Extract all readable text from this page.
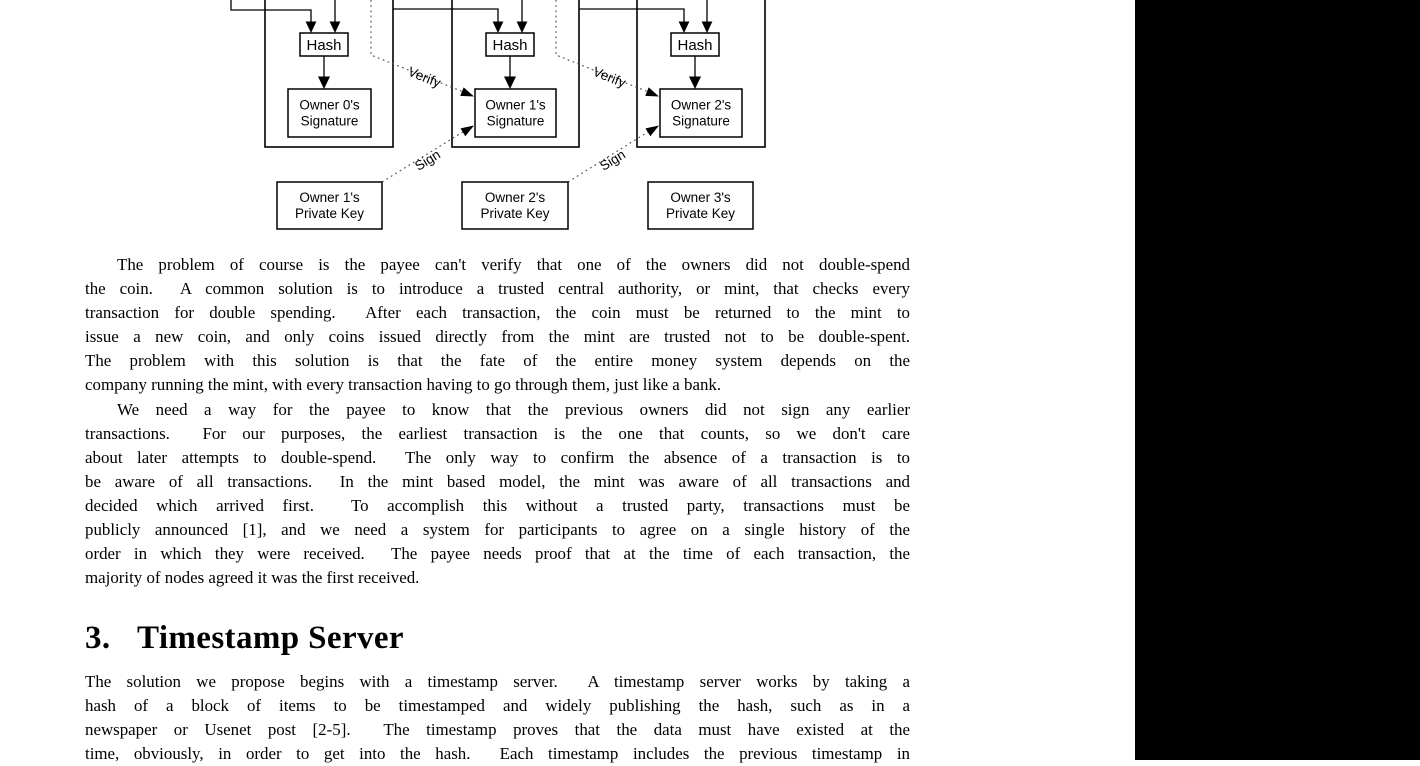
Hash	Hash	Hash
Owner 0's
Signature
Owner 1's
Signature
Owner 2's
Signature
Owner 1's
Private Key
Owner 2's
Private Key
Owner 3's
Private Key
Verify	Verify
Sign	Sign
The problem of course is the payee can't verify that one of the owners did not double-spend
the coin.  A common solution is to introduce a trusted central authority, or mint, that checks every
transaction for double spending.  After each transaction, the coin must be returned to the mint to
issue a new coin, and only coins issued directly from the mint are trusted not to be double-spent.
The problem with this solution is that the fate of the entire money system depends on the
company running the mint, with every transaction having to go through them, just like a bank.
We need a way for the payee to know that the previous owners did not sign any earlier
transactions.  For our purposes, the earliest transaction is the one that counts, so we don't care
about later attempts to double-spend.  The only way to confirm the absence of a transaction is to
be aware of all transactions.  In the mint based model, the mint was aware of all transactions and
decided which arrived first.  To accomplish this without a trusted party, transactions must be
publicly announced [1], and we need a system for participants to agree on a single history of the
order in which they were received.  The payee needs proof that at the time of each transaction, the
majority of nodes agreed it was the first received.
3. Timestamp Server
The solution we propose begins with a timestamp server.  A timestamp server works by taking a
hash of a block of items to be timestamped and widely publishing the hash, such as in a
newspaper or Usenet post [2-5].  The timestamp proves that the data must have existed at the
time, obviously, in order to get into the hash.  Each timestamp includes the previous timestamp in
